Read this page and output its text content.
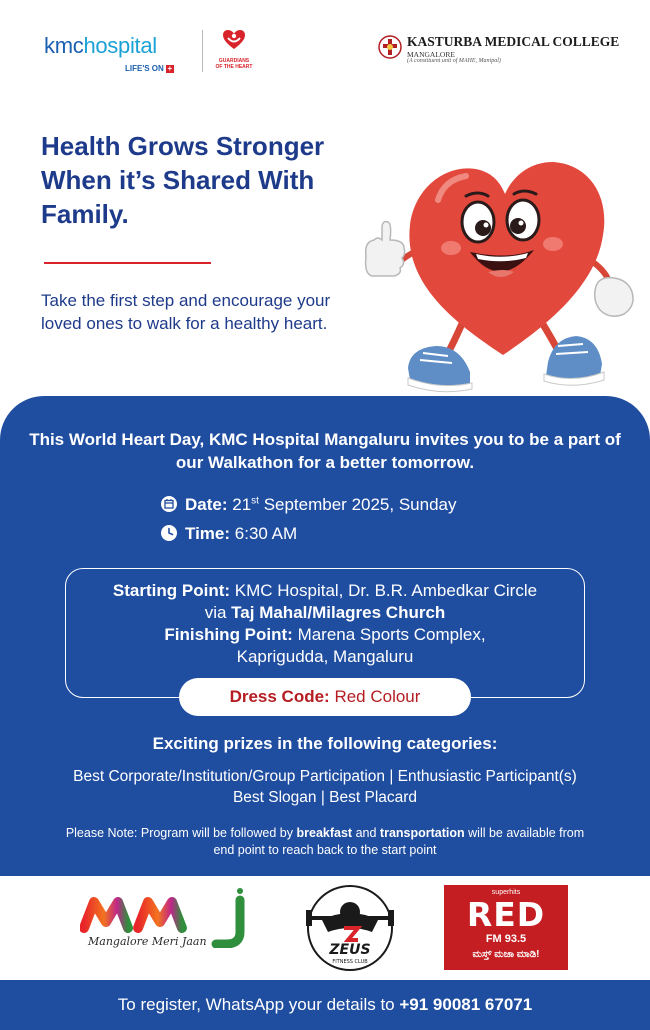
kmchospital
LIFE'S ON +
GUARDIANS
OF THE HEART
KASTURBA MEDICAL COLLEGE
MANGALORE
(A constituent unit of MAHE, Manipal)
Health Grows Stronger When it’s Shared With Family.
Take the first step and encourage your loved ones to walk for a healthy heart.
This World Heart Day, KMC Hospital Mangaluru invites you to be a part of our Walkathon for a better tomorrow.
Date: 21st September 2025, Sunday
Time: 6:30 AM
Starting Point: KMC Hospital, Dr. B.R. Ambedkar Circle
via Taj Mahal/Milagres Church
Finishing Point: Marena Sports Complex,
Kaprigudda, Mangaluru
Dress Code: Red Colour
Exciting prizes in the following categories:
Best Corporate/Institution/Group Participation | Enthusiastic Participant(s)
Best Slogan | Best Placard
Please Note: Program will be followed by breakfast and transportation will be available from end point to reach back to the start point
Mangalore Meri Jaan
ZEUS
FITNESS CLUB
superhits
RED
FM 93.5
ಮಸ್ತ್ ಮಜಾ ಮಾಡಿ!
To register, WhatsApp your details to +91 90081 67071
